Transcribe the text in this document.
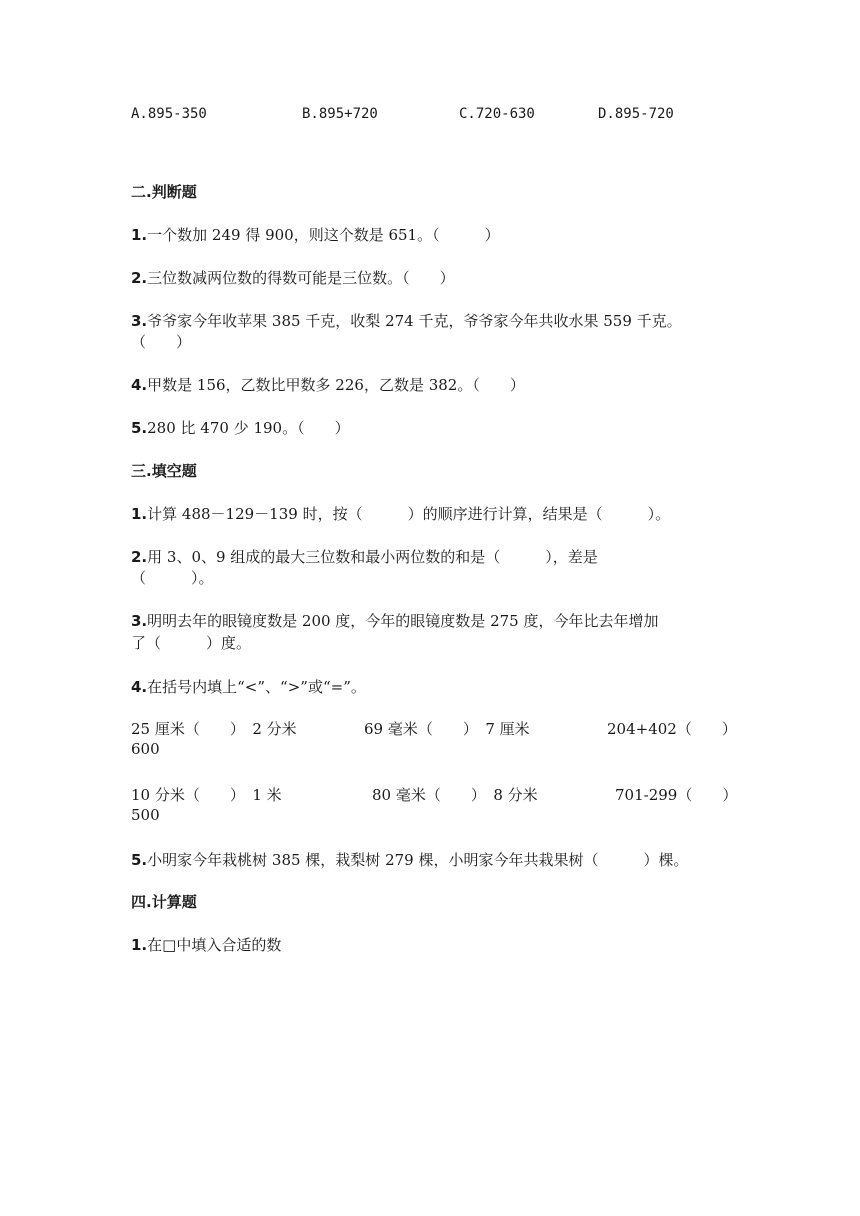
A.895-350	B.895+720	C.720-630	D.895-720
二.判断题
1.一个数加 249 得 900，则这个数是 651。（　　　）
2.三位数减两位数的得数可能是三位数。（　　）
3.爷爷家今年收苹果 385 千克，收梨 274 千克，爷爷家今年共收水果 559 千克。
（　　）
4.甲数是 156，乙数比甲数多 226，乙数是 382。（　　）
5.280 比 470 少 190。（　　）
三.填空题
1.计算 488－129－139 时，按（　　　）的顺序进行计算，结果是（　　　）。
2.用 3、0、9 组成的最大三位数和最小两位数的和是（　　　），差是
（　　　）。
3.明明去年的眼镜度数是 200 度，今年的眼镜度数是 275 度，今年比去年增加
了（　　　）度。
4.在括号内填上“<”、“>”或“=”。
25 厘米（　　）　2 分米	69 毫米（　　）　7 厘米	204+402（　　）
600
10 分米（　　）　1 米	80 毫米（　　）　8 分米	701-299（　　）
500
5.小明家今年栽桃树 385 棵，栽梨树 279 棵，小明家今年共栽果树（　　　）棵。
四.计算题
1.在□中填入合适的数
